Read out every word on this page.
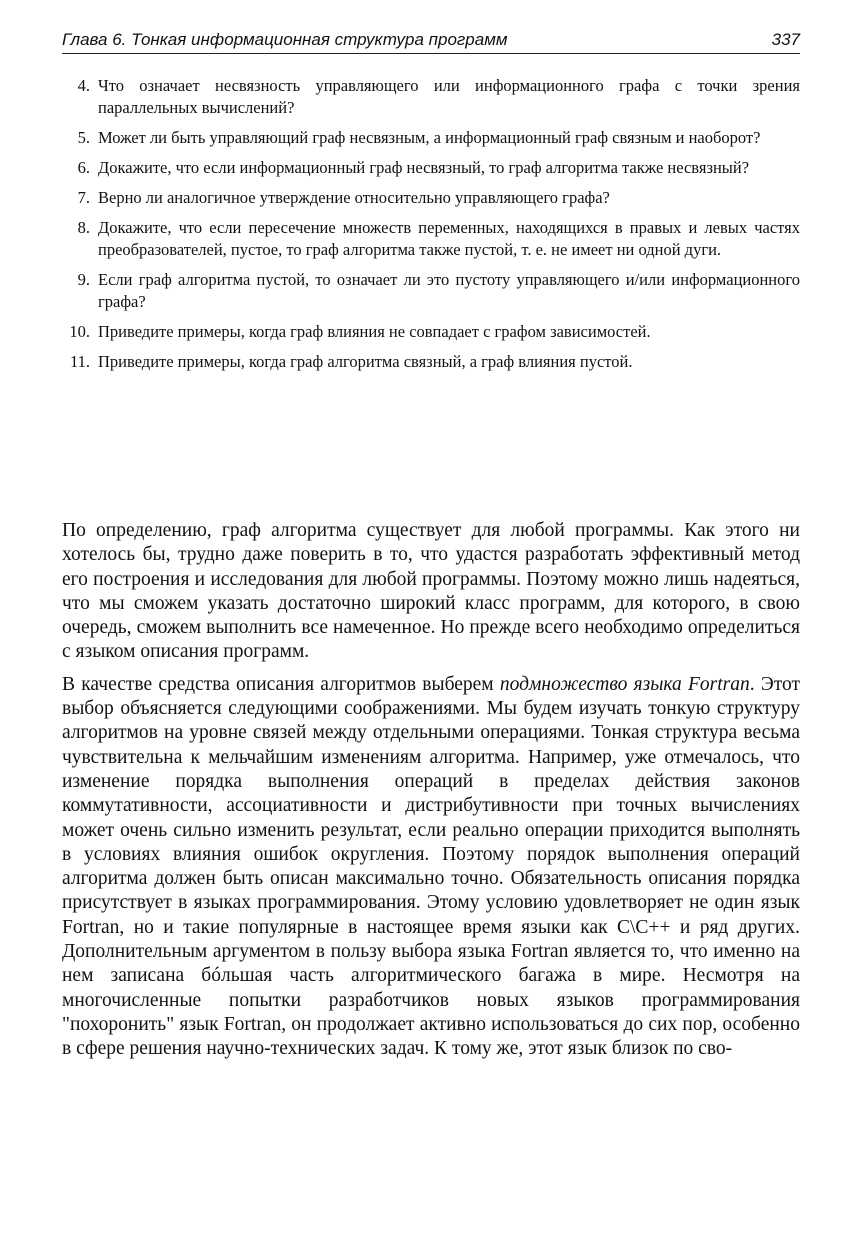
Глава 6. Тонкая информационная структура программ	337
4. Что означает несвязность управляющего или информационного графа с точки зрения параллельных вычислений?
5. Может ли быть управляющий граф несвязным, а информационный граф связным и наоборот?
6. Докажите, что если информационный граф несвязный, то граф алгоритма также несвязный?
7. Верно ли аналогичное утверждение относительно управляющего графа?
8. Докажите, что если пересечение множеств переменных, находящихся в правых и левых частях преобразователей, пустое, то граф алгоритма также пустой, т. е. не имеет ни одной дуги.
9. Если граф алгоритма пустой, то означает ли это пустоту управляющего и/или информационного графа?
10. Приведите примеры, когда граф влияния не совпадает с графом зависимостей.
11. Приведите примеры, когда граф алгоритма связный, а граф влияния пустой.

По определению, граф алгоритма существует для любой программы. Как этого ни хотелось бы, трудно даже поверить в то, что удастся разработать эффективный метод его построения и исследования для любой программы. Поэтому можно лишь надеяться, что мы сможем указать достаточно широкий класс программ, для которого, в свою очередь, сможем выполнить все намеченное. Но прежде всего необходимо определиться с языком описания программ.

В качестве средства описания алгоритмов выберем подмножество языка Fortran. Этот выбор объясняется следующими соображениями. Мы будем изучать тонкую структуру алгоритмов на уровне связей между отдельными операциями. Тонкая структура весьма чувствительна к мельчайшим изменениям алгоритма. Например, уже отмечалось, что изменение порядка выполнения операций в пределах действия законов коммутативности, ассоциативности и дистрибутивности при точных вычислениях может очень сильно изменить результат, если реально операции приходится выполнять в условиях влияния ошибок округления. Поэтому порядок выполнения операций алгоритма должен быть описан максимально точно. Обязательность описания порядка присутствует в языках программирования. Этому условию удовлетворяет не один язык Fortran, но и такие популярные в настоящее время языки как C\C++ и ряд других. Дополнительным аргументом в пользу выбора языка Fortran является то, что именно на нем записана бóльшая часть алгоритмического багажа в мире. Несмотря на многочисленные попытки разработчиков новых языков программирования "похоронить" язык Fortran, он продолжает активно использоваться до сих пор, особенно в сфере решения научно-технических задач. К тому же, этот язык близок по сво-
